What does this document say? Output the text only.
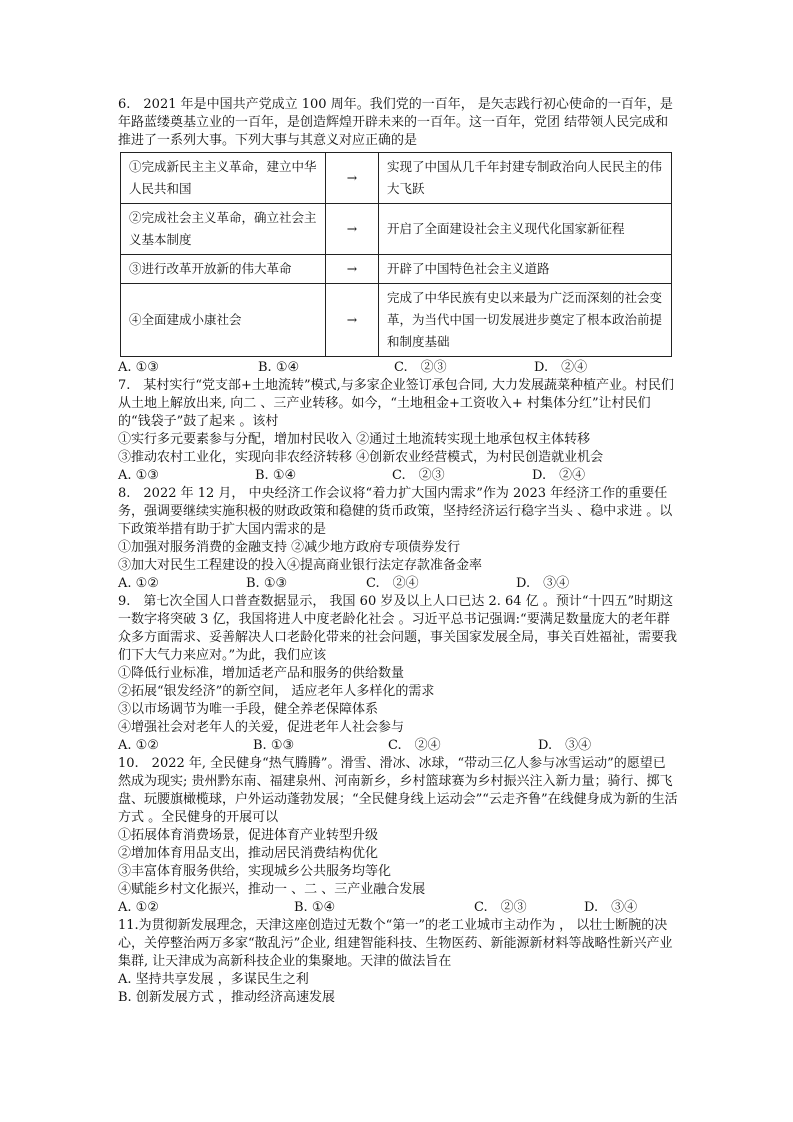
6.　2021 年是中国共产党成立 100 周年。我们党的一百年， 是矢志践行初心使命的一百年，是年路蓝缕奠基立业的一百年，是创造辉煌开辟未来的一百年。这一百年，党团 结带领人民完成和推进了一系列大事。下列大事与其意义对应正确的是
①完成新民主主义革命，建立中华人民共和国	→	实现了中国从几千年封建专制政治向人民民主的伟大飞跃
②完成社会主义革命，确立社会主义基本制度	→	开启了全面建设社会主义现代化国家新征程
③进行改革开放新的伟大革命	→	开辟了中国特色社会主义道路
④全面建成小康社会	→	完成了中华民族有史以来最为广泛而深刻的社会变革，为当代中国一切发展进步奠定了根本政治前提和制度基础
A. ①③	B. ①④	C.　②③	D.　②④
7.　某村实行“党支部+土地流转”模式,与多家企业签订承包合同, 大力发展蔬菜种植产业。村民们从土地上解放出来, 向二 、三产业转移。如今，“土地租金+工资收入+ 村集体分红”让村民们的“钱袋子”鼓了起来 。该村
①实行多元要素参与分配，增加村民收入 ②通过土地流转实现土地承包权主体转移
③推动农村工业化，实现向非农经济转移 ④创新农业经营模式，为村民创造就业机会
A. ①③	B. ①④	C.　②③	D.　②④
8.　2022 年 12 月， 中央经济工作会议将“着力扩大国内需求”作为 2023 年经济工作的重要任务，强调要继续实施积极的财政政策和稳健的货币政策，坚持经济运行稳字当头 、稳中求进 。以下政策举措有助于扩大国内需求的是
①加强对服务消费的金融支持 ②减少地方政府专项债券发行
③加大对民生工程建设的投入④提高商业银行法定存款准备金率
A. ①②	B. ①③	C.　②④	D.　③④
9.　第七次全国人口普查数据显示， 我国 60 岁及以上人口已达 2. 64 亿 。预计“十四五”时期这一数字将突破 3 亿，我国将进人中度老龄化社会 。习近平总书记强调:“要满足数量庞大的老年群众多方面需求、妥善解决人口老龄化带来的社会问题，事关国家发展全局，事关百姓福祉，需要我们下大气力来应对。”为此，我们应该
①降低行业标准，增加适老产品和服务的供给数量
②拓展“银发经济”的新空间， 适应老年人多样化的需求
③以市场调节为唯一手段，健全养老保障体系
④增强社会对老年人的关爱，促进老年人社会参与
A. ①②	B. ①③	C.　②④	D.　③④
10.　2022 年, 全民健身“热气腾腾”。滑雪、滑冰、冰球，“带动三亿人参与冰雪运动”的愿望已然成为现实; 贵州黔东南、福建泉州、河南新乡，乡村篮球赛为乡村振兴注入新力量；骑行、掷飞盘、玩腰旗橄榄球，户外运动蓬勃发展；“全民健身线上运动会”“云走齐鲁”在线健身成为新的生活方式 。全民健身的开展可以
①拓展体育消费场景，促进体育产业转型升级
②增加体育用品支出，推动居民消费结构优化
③丰富体育服务供给，实现城乡公共服务均等化
④赋能乡村文化振兴，推动一 、二 、三产业融合发展
A. ①②	B. ①④	C.　②③	D.　③④
11.为贯彻新发展理念，天津这座创造过无数个“第一”的老工业城市主动作为 ， 以壮士断腕的决心，关停整治两万多家“散乱污”企业, 组建智能科技、生物医药、新能源新材料等战略性新兴产业集群, 让天津成为高新科技企业的集聚地。天津的做法旨在
A. 坚持共享发展 ，多谋民生之利
B. 创新发展方式 ，推动经济高速发展
